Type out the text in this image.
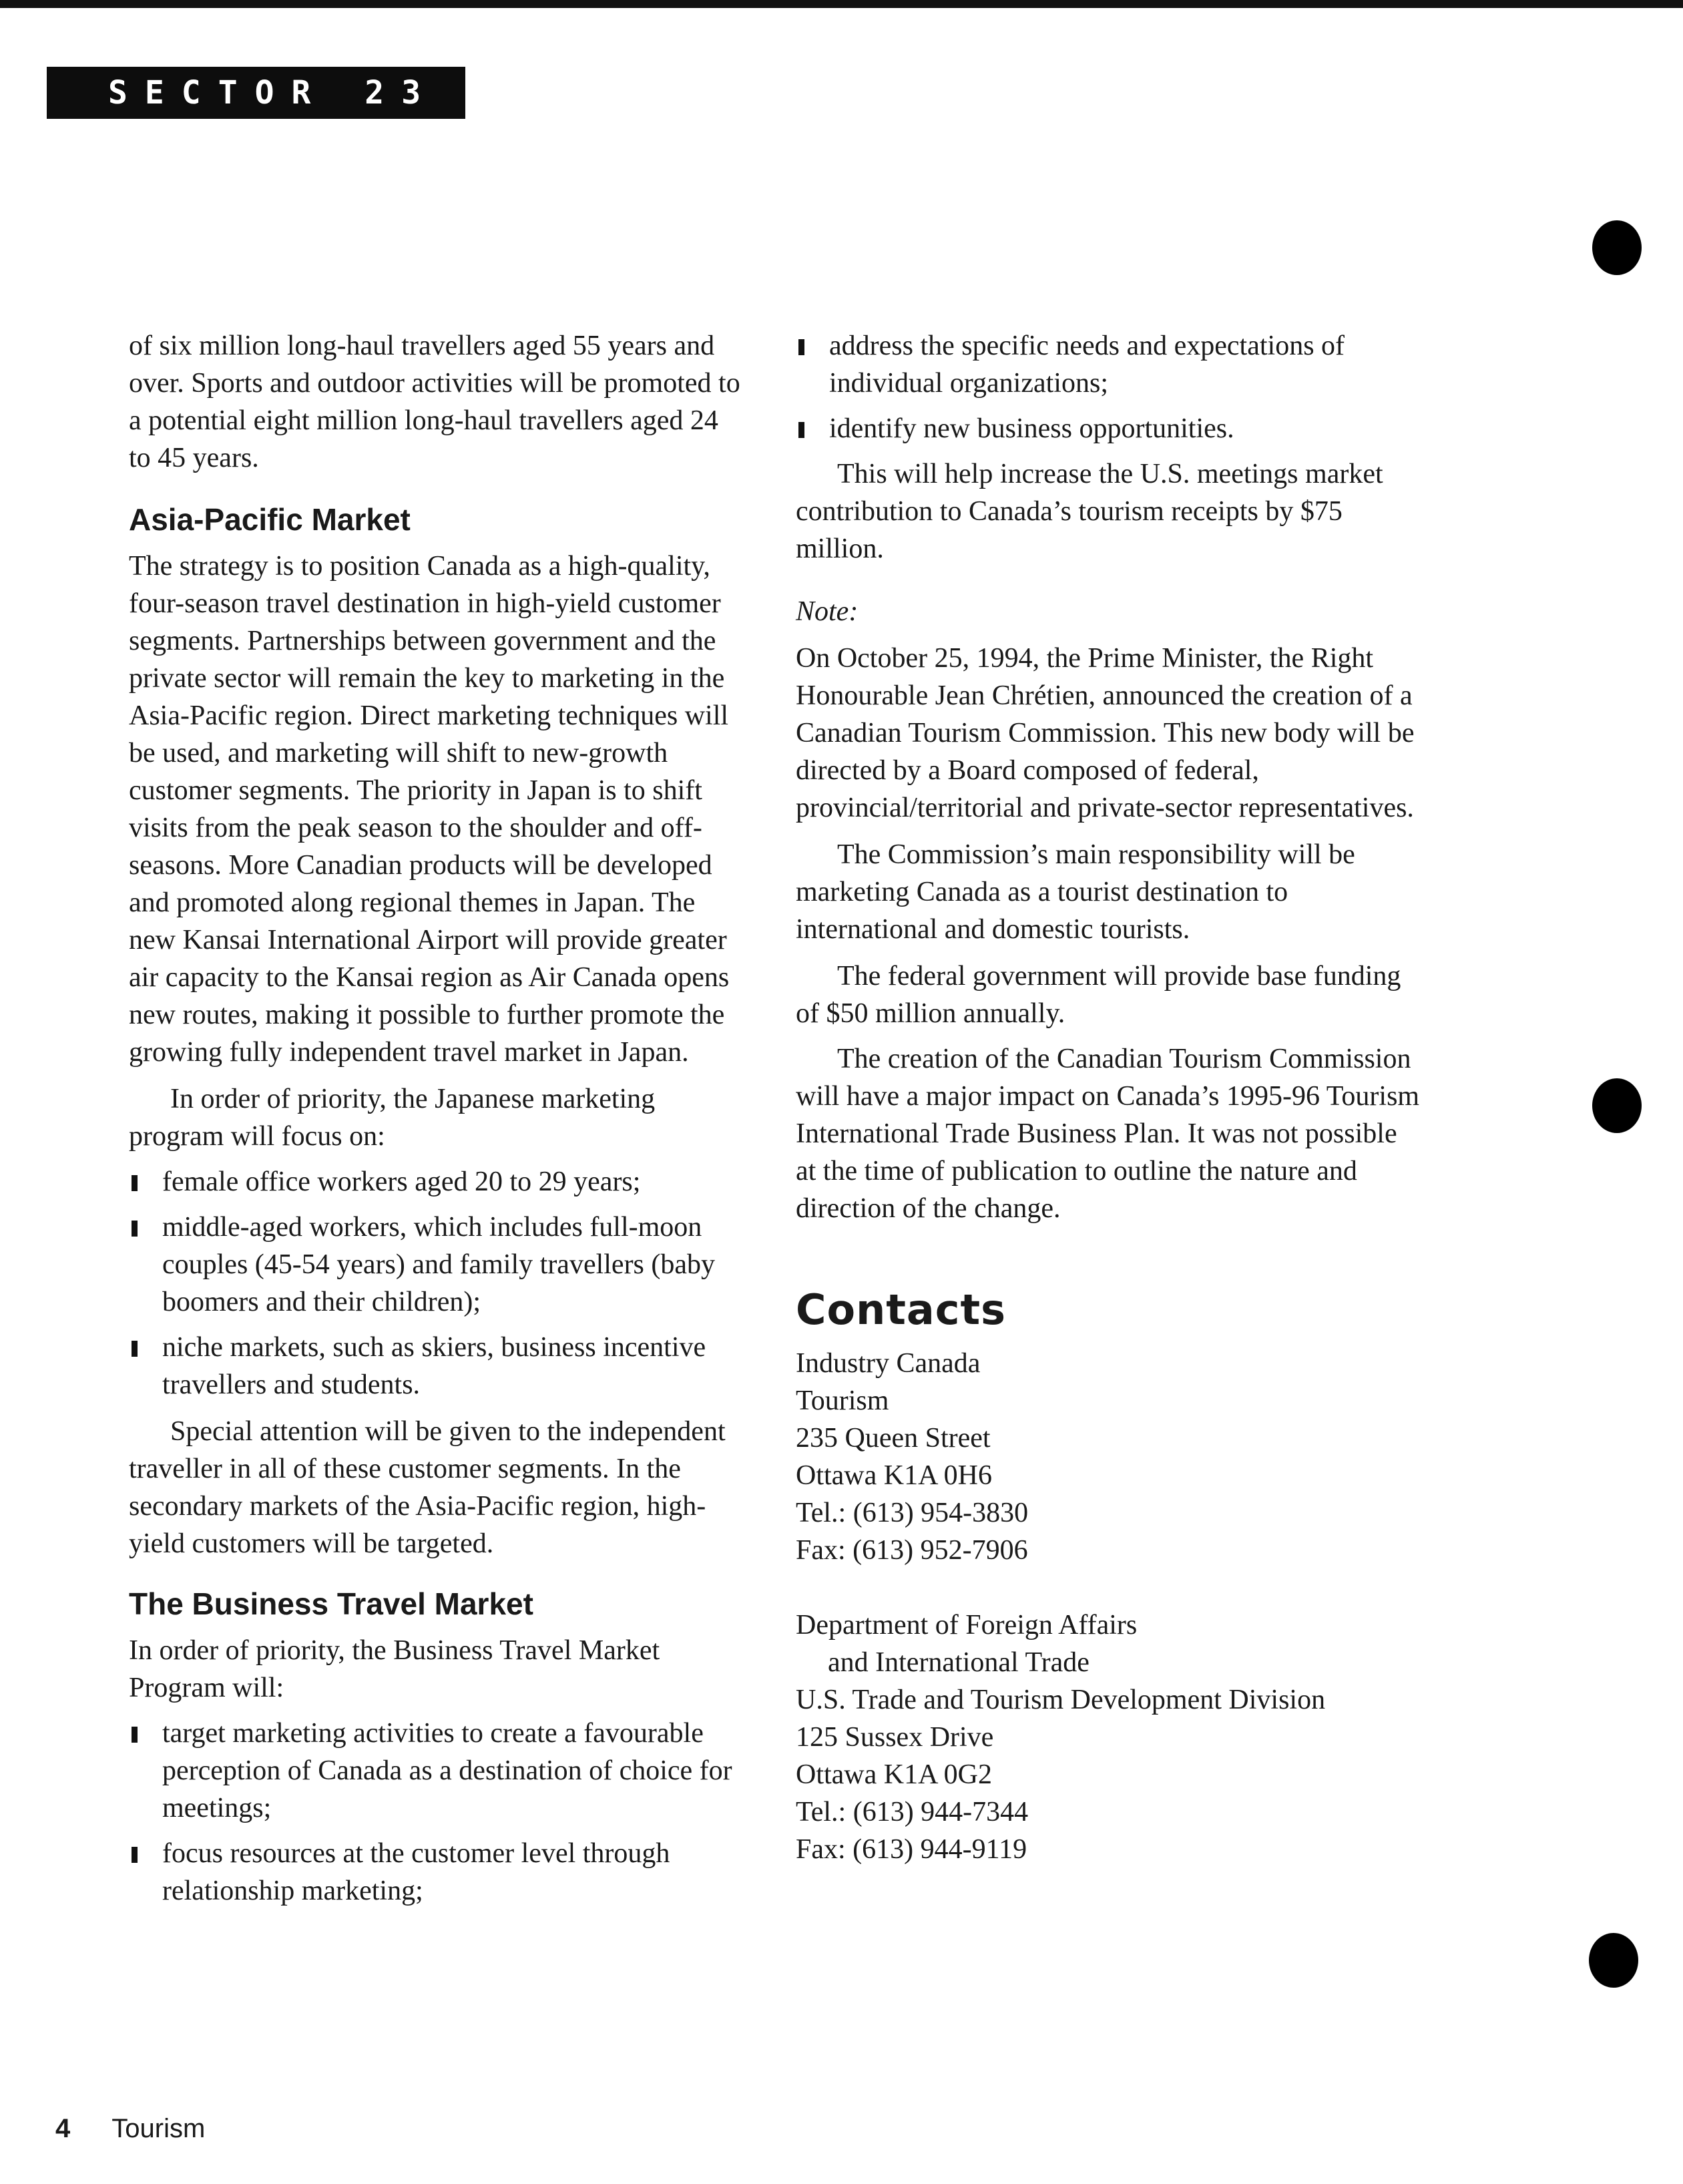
SECTOR 23

of six million long-haul travellers aged 55 years and over. Sports and outdoor activities will be promoted to a potential eight million long-haul travellers aged 24 to 45 years.

Asia-Pacific Market

The strategy is to position Canada as a high-quality, four-season travel destination in high-yield customer segments. Partnerships between government and the private sector will remain the key to marketing in the Asia-Pacific region. Direct marketing techniques will be used, and marketing will shift to new-growth customer segments. The priority in Japan is to shift visits from the peak season to the shoulder and off-seasons. More Canadian products will be developed and promoted along regional themes in Japan. The new Kansai International Airport will provide greater air capacity to the Kansai region as Air Canada opens new routes, making it possible to further promote the growing fully independent travel market in Japan.

In order of priority, the Japanese marketing program will focus on:

female office workers aged 20 to 29 years;
middle-aged workers, which includes full-moon couples (45-54 years) and family travellers (baby boomers and their children);
niche markets, such as skiers, business incentive travellers and students.

Special attention will be given to the independent traveller in all of these customer segments. In the secondary markets of the Asia-Pacific region, high-yield customers will be targeted.

The Business Travel Market

In order of priority, the Business Travel Market Program will:

target marketing activities to create a favourable perception of Canada as a destination of choice for meetings;
focus resources at the customer level through relationship marketing;
address the specific needs and expectations of individual organizations;
identify new business opportunities.

This will help increase the U.S. meetings market contribution to Canada’s tourism receipts by $75 million.

Note:

On October 25, 1994, the Prime Minister, the Right Honourable Jean Chrétien, announced the creation of a Canadian Tourism Commission. This new body will be directed by a Board composed of federal, provincial/territorial and private-sector representatives.

The Commission’s main responsibility will be marketing Canada as a tourist destination to international and domestic tourists.

The federal government will provide base funding of $50 million annually.

The creation of the Canadian Tourism Commission will have a major impact on Canada’s 1995-96 Tourism International Trade Business Plan. It was not possible at the time of publication to outline the nature and direction of the change.

Contacts

Industry Canada

Tourism

235 Queen Street

Ottawa K1A 0H6

Tel.: (613) 954-3830

Fax: (613) 952-7906

Department of Foreign Affairs

and International Trade

U.S. Trade and Tourism Development Division

125 Sussex Drive

Ottawa K1A 0G2

Tel.: (613) 944-7344

Fax: (613) 944-9119

4 Tourism
